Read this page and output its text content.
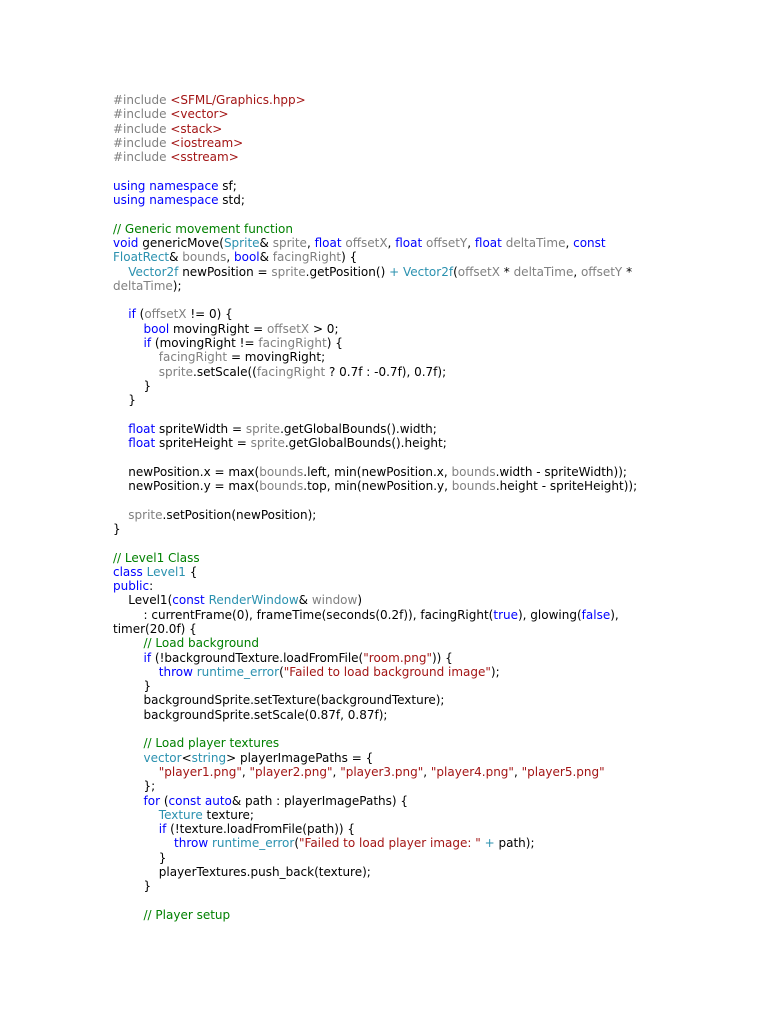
#include <SFML/Graphics.hpp>
#include <vector>
#include <stack>
#include <iostream>
#include <sstream>

using namespace sf;
using namespace std;

// Generic movement function
void genericMove(Sprite& sprite, float offsetX, float offsetY, float deltaTime, const
FloatRect& bounds, bool& facingRight) {
Vector2f newPosition = sprite.getPosition() + Vector2f(offsetX * deltaTime, offsetY *
deltaTime);

if (offsetX != 0) {
bool movingRight = offsetX > 0;
if (movingRight != facingRight) {
facingRight = movingRight;
sprite.setScale((facingRight ? 0.7f : -0.7f), 0.7f);
}
}

float spriteWidth = sprite.getGlobalBounds().width;
float spriteHeight = sprite.getGlobalBounds().height;

newPosition.x = max(bounds.left, min(newPosition.x, bounds.width - spriteWidth));
newPosition.y = max(bounds.top, min(newPosition.y, bounds.height - spriteHeight));

sprite.setPosition(newPosition);
}

// Level1 Class
class Level1 {
public:
Level1(const RenderWindow& window)
: currentFrame(0), frameTime(seconds(0.2f)), facingRight(true), glowing(false),
timer(20.0f) {
// Load background
if (!backgroundTexture.loadFromFile("room.png")) {
throw runtime_error("Failed to load background image");
}
backgroundSprite.setTexture(backgroundTexture);
backgroundSprite.setScale(0.87f, 0.87f);

// Load player textures
vector<string> playerImagePaths = {
"player1.png", "player2.png", "player3.png", "player4.png", "player5.png"
};
for (const auto& path : playerImagePaths) {
Texture texture;
if (!texture.loadFromFile(path)) {
throw runtime_error("Failed to load player image: " + path);
}
playerTextures.push_back(texture);
}

// Player setup
